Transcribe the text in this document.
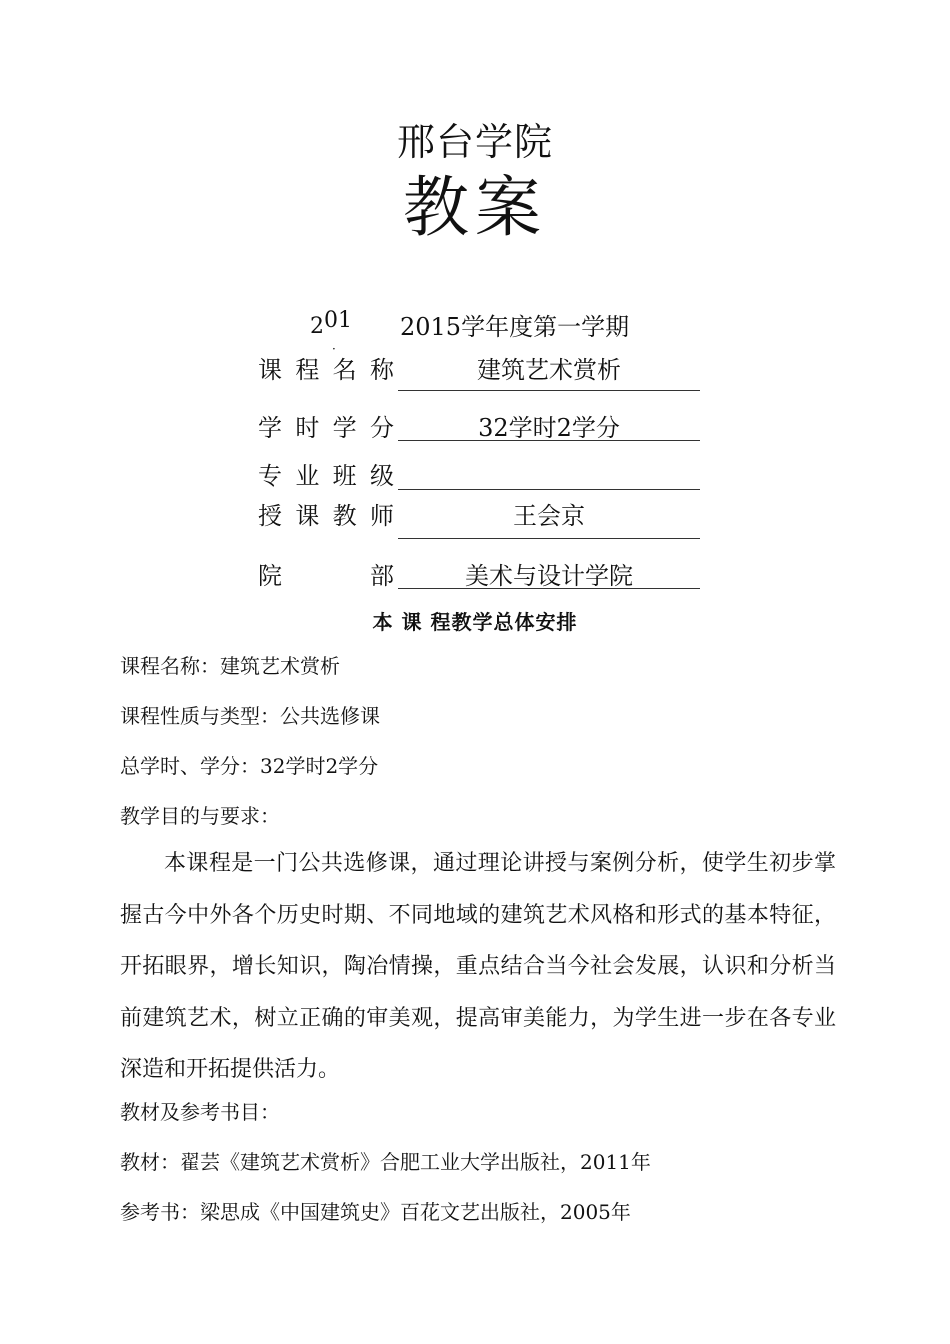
邢台学院
教案
201
·
2015学年度第一学期
课 程 名 称	建筑艺术赏析
学 时 学 分	32学时2学分
专 业 班 级
授 课 教 师	王会京
院	部	美术与设计学院
本 课 程教学总体安排
课程名称：建筑艺术赏析
课程性质与类型：公共选修课
总学时、学分：32学时2学分
教学目的与要求：
本课程是一门公共选修课，通过理论讲授与案例分析，使学生初步掌握古今中外各个历史时期、不同地域的建筑艺术风格和形式的基本特征，开拓眼界，增长知识，陶冶情操，重点结合当今社会发展，认识和分析当前建筑艺术，树立正确的审美观，提高审美能力，为学生进一步在各专业深造和开拓提供活力。
教材及参考书目：
教材：翟芸《建筑艺术赏析》合肥工业大学出版社，2011年
参考书：梁思成《中国建筑史》百花文艺出版社，2005年
